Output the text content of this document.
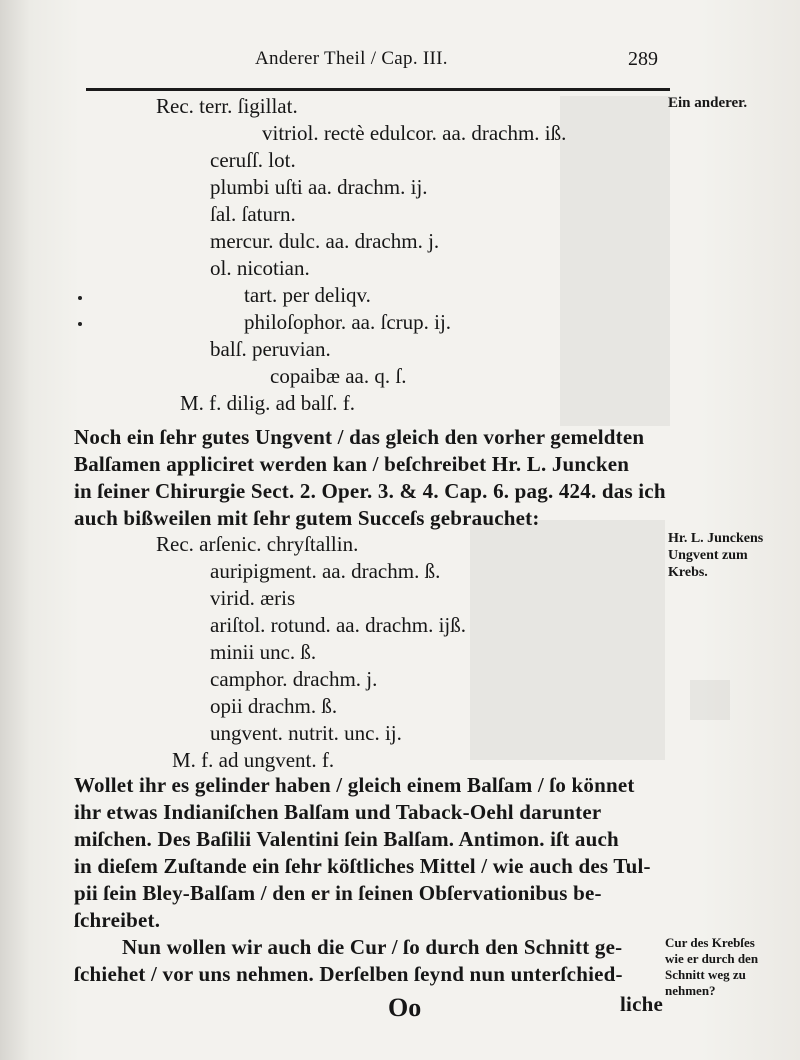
Anderer Theil / Cap. III.	289
Rec. terr. ſigillat.
vitriol. rectè edulcor. aa. drachm. iß.
ceruſſ. lot.
plumbi uſti aa. drachm. ij.
ſal. ſaturn.
mercur. dulc. aa. drachm. j.
ol. nicotian.
tart. per deliqv.
philoſophor. aa. ſcrup. ij.
balſ. peruvian.
copaibæ aa. q. ſ.
M. f. dilig. ad balſ. f.
Noch ein ſehr gutes Ungvent / das gleich den vorher gemeldten
Balſamen appliciret werden kan / beſchreibet Hr. L. Juncken
in ſeiner Chirurgie Sect. 2. Oper. 3. & 4. Cap. 6. pag. 424. das ich
auch bißweilen mit ſehr gutem Succeſs gebrauchet:
Rec. arſenic. chryſtallin.
auripigment. aa. drachm. ß.
virid. æris
ariſtol. rotund. aa. drachm. ijß.
minii unc. ß.
camphor. drachm. j.
opii drachm. ß.
ungvent. nutrit. unc. ij.
M. f. ad ungvent. f.
Wollet ihr es gelinder haben / gleich einem Balſam / ſo könnet
ihr etwas Indianiſchen Balſam und Taback-Oehl darunter
miſchen. Des Baſilii Valentini ſein Balſam. Antimon. iſt auch
in dieſem Zuſtande ein ſehr köſtliches Mittel / wie auch des Tul-
pii ſein Bley-Balſam / den er in ſeinen Obſervationibus be-
ſchreibet.
Nun wollen wir auch die Cur / ſo durch den Schnitt ge-
ſchiehet / vor uns nehmen. Derſelben ſeynd nun unterſchied-
Oo	liche
Ein anderer.
Hr. L. Junckens
Ungvent zum
Krebs.
Cur des Krebſes
wie er durch den
Schnitt weg zu
nehmen?
